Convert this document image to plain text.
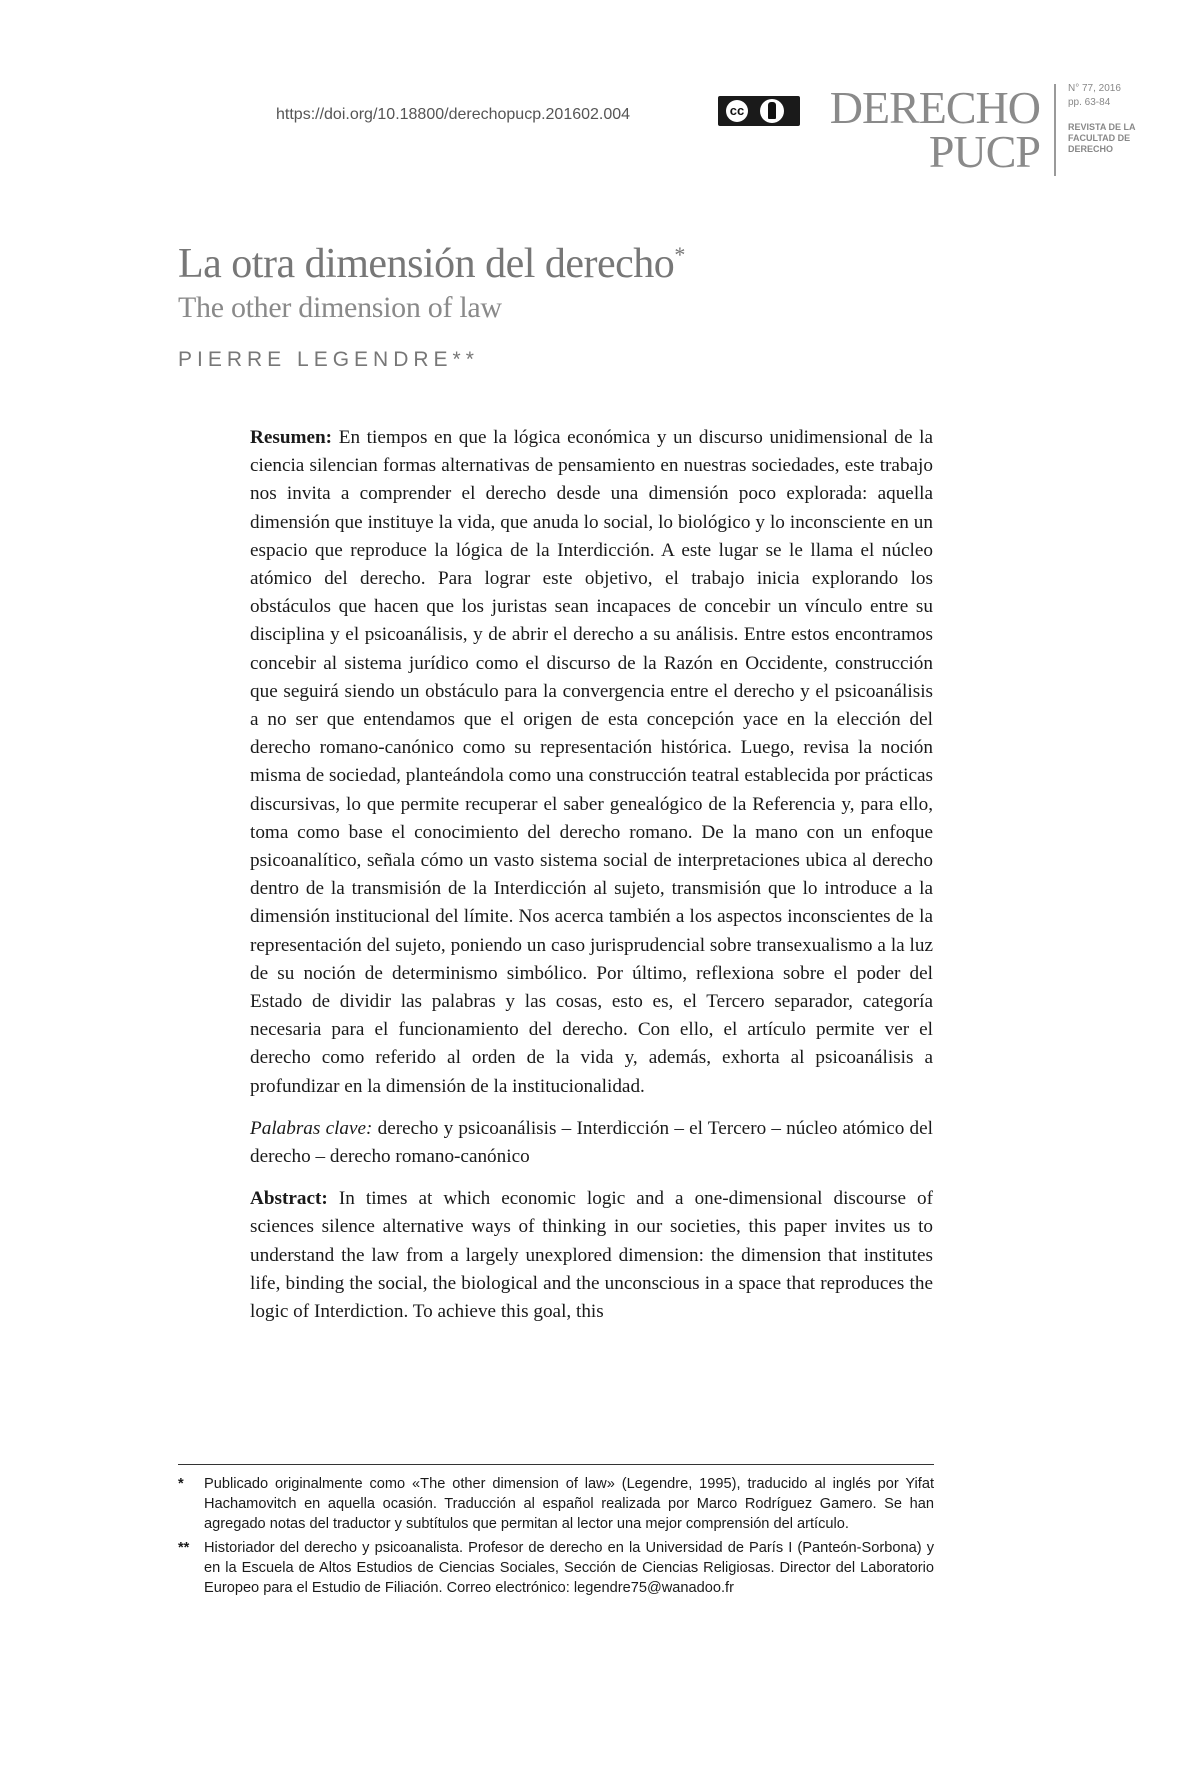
https://doi.org/10.18800/derechopucp.201602.004	cc DERECHO
PUCP
N° 77, 2016
pp. 63-84
REVISTA DE LA FACULTAD DE DERECHO
La otra dimensión del derecho*
The other dimension of law
PIERRE LEGENDRE**

Resumen: En tiempos en que la lógica económica y un discurso unidimensional de la ciencia silencian formas alternativas de pensamiento en nuestras sociedades, este trabajo nos invita a comprender el derecho desde una dimensión poco explorada: aquella dimensión que instituye la vida, que anuda lo social, lo biológico y lo inconsciente en un espacio que reproduce la lógica de la Interdicción. A este lugar se le llama el núcleo atómico del derecho. Para lograr este objetivo, el trabajo inicia explorando los obstáculos que hacen que los juristas sean incapaces de concebir un vínculo entre su disciplina y el psicoanálisis, y de abrir el derecho a su análisis. Entre estos encontramos concebir al sistema jurídico como el discurso de la Razón en Occidente, construcción que seguirá siendo un obstáculo para la convergencia entre el derecho y el psicoanálisis a no ser que entendamos que el origen de esta concepción yace en la elección del derecho romano-canónico como su representación histórica. Luego, revisa la noción misma de sociedad, planteándola como una construcción teatral establecida por prácticas discursivas, lo que permite recuperar el saber genealógico de la Referencia y, para ello, toma como base el conocimiento del derecho romano. De la mano con un enfoque psicoanalítico, señala cómo un vasto sistema social de interpretaciones ubica al derecho dentro de la transmisión de la Interdicción al sujeto, transmisión que lo introduce a la dimensión institucional del límite. Nos acerca también a los aspectos inconscientes de la representación del sujeto, poniendo un caso jurisprudencial sobre transexualismo a la luz de su noción de determinismo simbólico. Por último, reflexiona sobre el poder del Estado de dividir las palabras y las cosas, esto es, el Tercero separador, categoría necesaria para el funcionamiento del derecho. Con ello, el artículo permite ver el derecho como referido al orden de la vida y, además, exhorta al psicoanálisis a profundizar en la dimensión de la institucionalidad.

Palabras clave: derecho y psicoanálisis – Interdicción – el Tercero – núcleo atómico del derecho – derecho romano-canónico

Abstract: In times at which economic logic and a one-dimensional discourse of sciences silence alternative ways of thinking in our societies, this paper invites us to understand the law from a largely unexplored dimension: the dimension that institutes life, binding the social, the biological and the unconscious in a space that reproduces the logic of Interdiction. To achieve this goal, this

*	Publicado originalmente como «The other dimension of law» (Legendre, 1995), traducido al inglés por Yifat Hachamovitch en aquella ocasión. Traducción al español realizada por Marco Rodríguez Gamero. Se han agregado notas del traductor y subtítulos que permitan al lector una mejor comprensión del artículo.
**	Historiador del derecho y psicoanalista. Profesor de derecho en la Universidad de París I (Panteón-Sorbona) y en la Escuela de Altos Estudios de Ciencias Sociales, Sección de Ciencias Religiosas. Director del Laboratorio Europeo para el Estudio de Filiación. Correo electrónico: legendre75@wanadoo.fr
